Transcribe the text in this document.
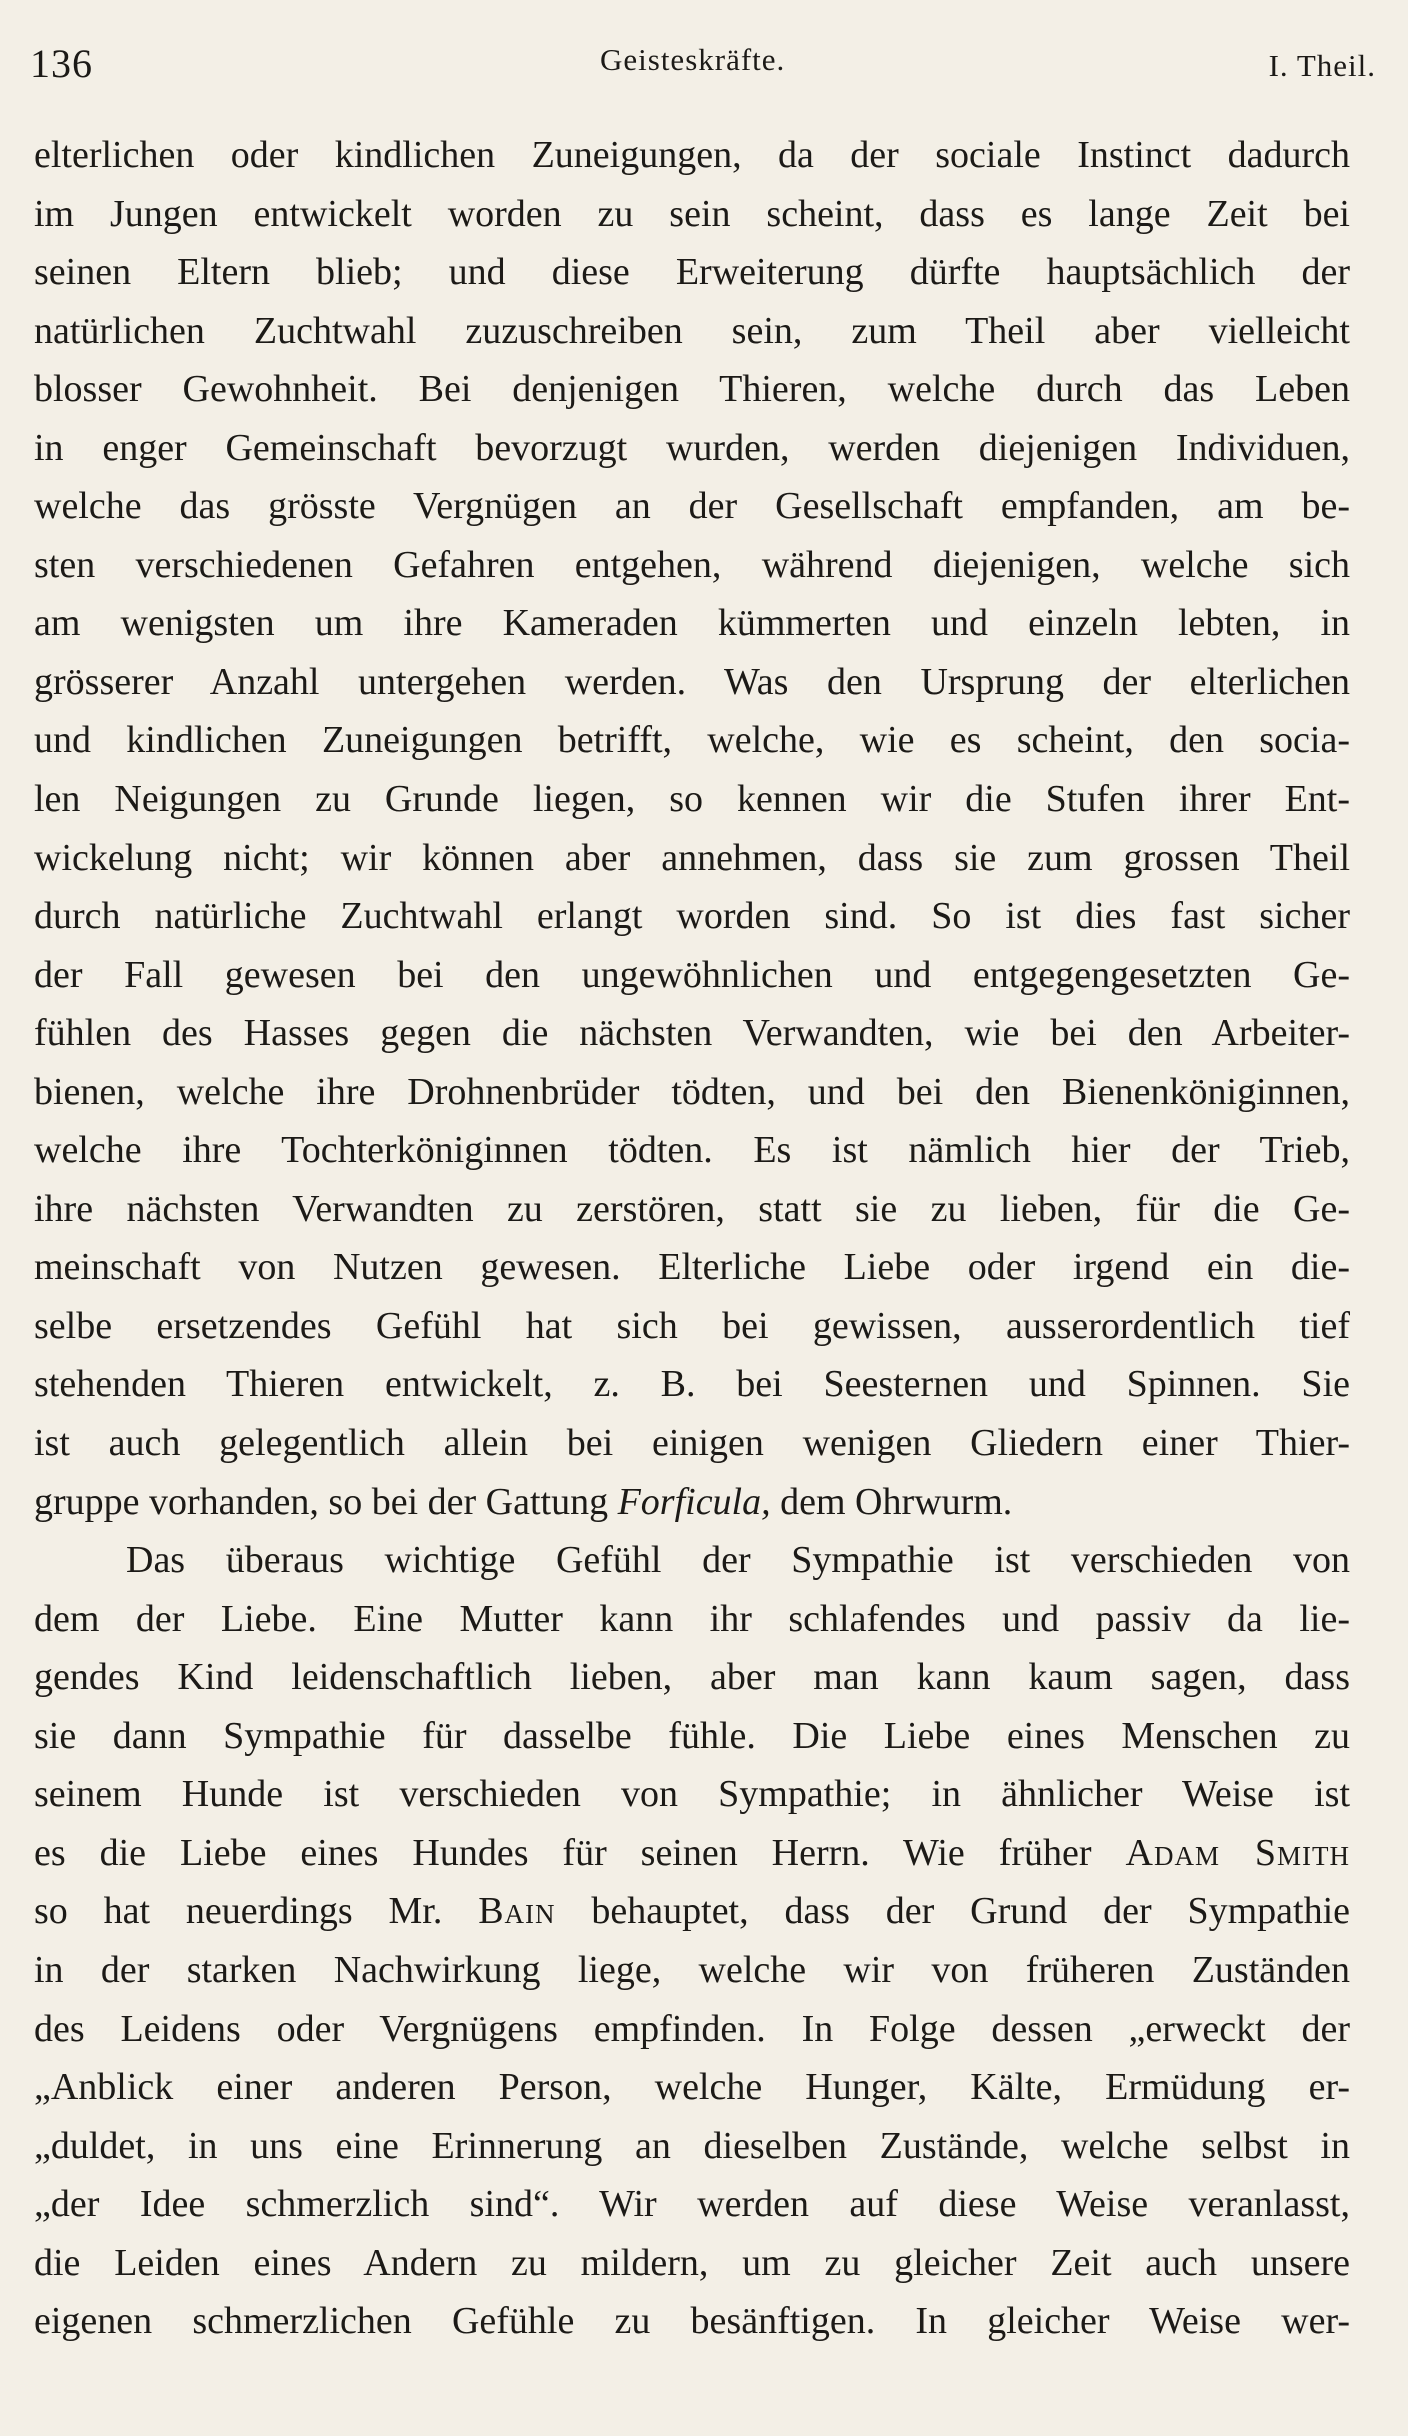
136	Geisteskräfte.	I. Theil.
elterlichen oder kindlichen Zuneigungen, da der sociale Instinct dadurch
im Jungen entwickelt worden zu sein scheint, dass es lange Zeit bei
seinen Eltern blieb; und diese Erweiterung dürfte hauptsächlich der
natürlichen Zuchtwahl zuzuschreiben sein, zum Theil aber vielleicht
blosser Gewohnheit. Bei denjenigen Thieren, welche durch das Leben
in enger Gemeinschaft bevorzugt wurden, werden diejenigen Individuen,
welche das grösste Vergnügen an der Gesellschaft empfanden, am be-
sten verschiedenen Gefahren entgehen, während diejenigen, welche sich
am wenigsten um ihre Kameraden kümmerten und einzeln lebten, in
grösserer Anzahl untergehen werden. Was den Ursprung der elterlichen
und kindlichen Zuneigungen betrifft, welche, wie es scheint, den socia-
len Neigungen zu Grunde liegen, so kennen wir die Stufen ihrer Ent-
wickelung nicht; wir können aber annehmen, dass sie zum grossen Theil
durch natürliche Zuchtwahl erlangt worden sind. So ist dies fast sicher
der Fall gewesen bei den ungewöhnlichen und entgegengesetzten Ge-
fühlen des Hasses gegen die nächsten Verwandten, wie bei den Arbeiter-
bienen, welche ihre Drohnenbrüder tödten, und bei den Bienenköniginnen,
welche ihre Tochterköniginnen tödten. Es ist nämlich hier der Trieb,
ihre nächsten Verwandten zu zerstören, statt sie zu lieben, für die Ge-
meinschaft von Nutzen gewesen. Elterliche Liebe oder irgend ein die-
selbe ersetzendes Gefühl hat sich bei gewissen, ausserordentlich tief
stehenden Thieren entwickelt, z. B. bei Seesternen und Spinnen. Sie
ist auch gelegentlich allein bei einigen wenigen Gliedern einer Thier-
gruppe vorhanden, so bei der Gattung Forficula, dem Ohrwurm.
Das überaus wichtige Gefühl der Sympathie ist verschieden von
dem der Liebe. Eine Mutter kann ihr schlafendes und passiv da lie-
gendes Kind leidenschaftlich lieben, aber man kann kaum sagen, dass
sie dann Sympathie für dasselbe fühle. Die Liebe eines Menschen zu
seinem Hunde ist verschieden von Sympathie; in ähnlicher Weise ist
es die Liebe eines Hundes für seinen Herrn. Wie früher Adam Smith
so hat neuerdings Mr. Bain behauptet, dass der Grund der Sympathie
in der starken Nachwirkung liege, welche wir von früheren Zuständen
des Leidens oder Vergnügens empfinden. In Folge dessen „erweckt der
„Anblick einer anderen Person, welche Hunger, Kälte, Ermüdung er-
„duldet, in uns eine Erinnerung an dieselben Zustände, welche selbst in
„der Idee schmerzlich sind“. Wir werden auf diese Weise veranlasst,
die Leiden eines Andern zu mildern, um zu gleicher Zeit auch unsere
eigenen schmerzlichen Gefühle zu besänftigen. In gleicher Weise wer-
